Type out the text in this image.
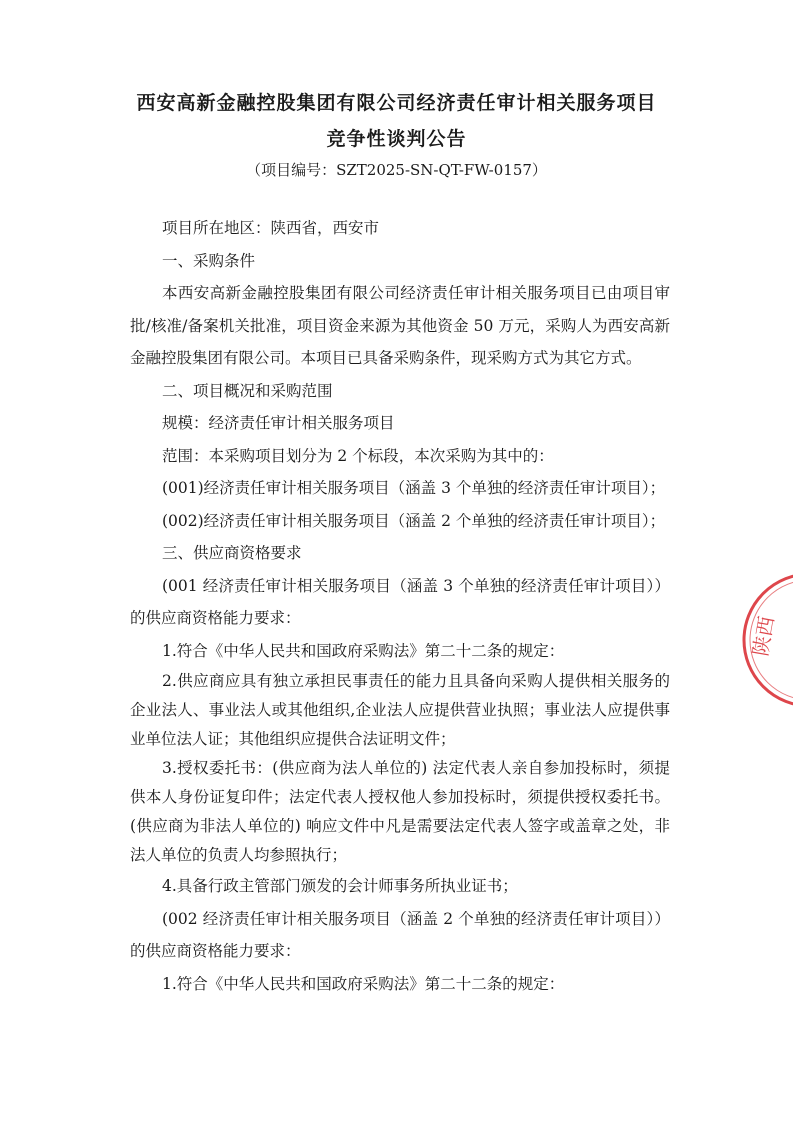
西安高新金融控股集团有限公司经济责任审计相关服务项目
竞争性谈判公告

（项目编号：SZT2025-SN-QT-FW-0157）

项目所在地区：陕西省，西安市

一、采购条件

本西安高新金融控股集团有限公司经济责任审计相关服务项目已由项目审批/核准/备案机关批准，项目资金来源为其他资金 50 万元，采购人为西安高新金融控股集团有限公司。本项目已具备采购条件，现采购方式为其它方式。

二、项目概况和采购范围

规模：经济责任审计相关服务项目

范围：本采购项目划分为 2 个标段，本次采购为其中的：

(001)经济责任审计相关服务项目（涵盖 3 个单独的经济责任审计项目）；

(002)经济责任审计相关服务项目（涵盖 2 个单独的经济责任审计项目）；

三、供应商资格要求

(001 经济责任审计相关服务项目（涵盖 3 个单独的经济责任审计项目））的供应商资格能力要求：

1.符合《中华人民共和国政府采购法》第二十二条的规定：

2.供应商应具有独立承担民事责任的能力且具备向采购人提供相关服务的企业法人、事业法人或其他组织,企业法人应提供营业执照；事业法人应提供事业单位法人证；其他组织应提供合法证明文件；

3.授权委托书：(供应商为法人单位的) 法定代表人亲自参加投标时，须提供本人身份证复印件；法定代表人授权他人参加投标时，须提供授权委托书。(供应商为非法人单位的) 响应文件中凡是需要法定代表人签字或盖章之处，非法人单位的负责人均参照执行；

4.具备行政主管部门颁发的会计师事务所执业证书；

(002 经济责任审计相关服务项目（涵盖 2 个单独的经济责任审计项目））的供应商资格能力要求：

1.符合《中华人民共和国政府采购法》第二十二条的规定：

陕西
